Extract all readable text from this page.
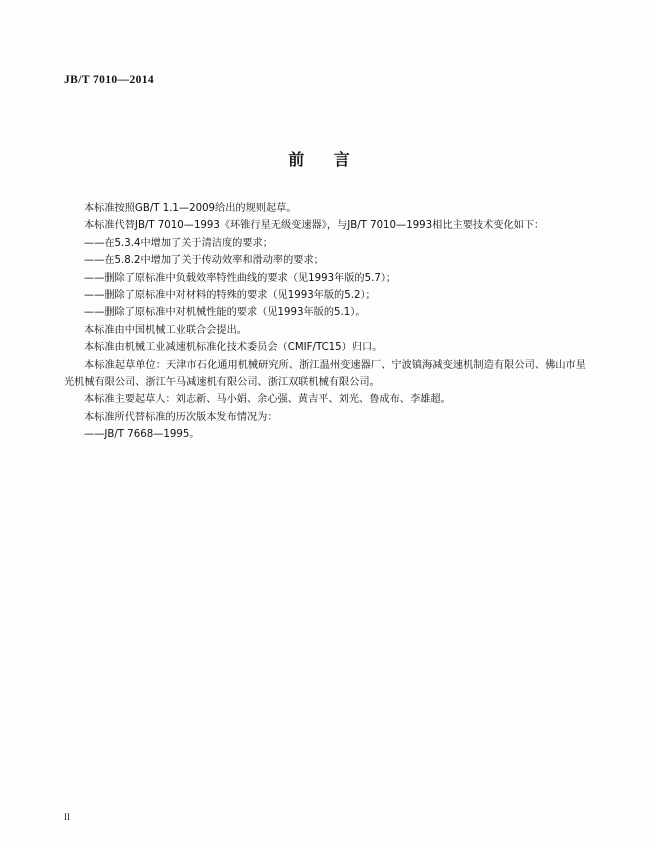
JB/T 7010—2014
前 言

本标准按照GB/T 1.1—2009给出的规则起草。

本标准代替JB/T 7010—1993《环锥行星无级变速器》，与JB/T 7010—1993相比主要技术变化如下：

——在5.3.4中增加了关于清洁度的要求；

——在5.8.2中增加了关于传动效率和滑动率的要求；

——删除了原标准中负载效率特性曲线的要求（见1993年版的5.7）；

——删除了原标准中对材料的特殊的要求（见1993年版的5.2）；

——删除了原标准中对机械性能的要求（见1993年版的5.1）。

本标准由中国机械工业联合会提出。

本标准由机械工业减速机标准化技术委员会（CMIF/TC15）归口。

本标准起草单位：天津市石化通用机械研究所、浙江温州变速器厂、宁波镇海减变速机制造有限公司、佛山市星光机械有限公司、浙江午马减速机有限公司、浙江双联机械有限公司。

本标准主要起草人：刘志新、马小娟、余心强、黄吉平、刘光、鲁成布、李雄超。

本标准所代替标准的历次版本发布情况为：

——JB/T 7668—1995。

II
